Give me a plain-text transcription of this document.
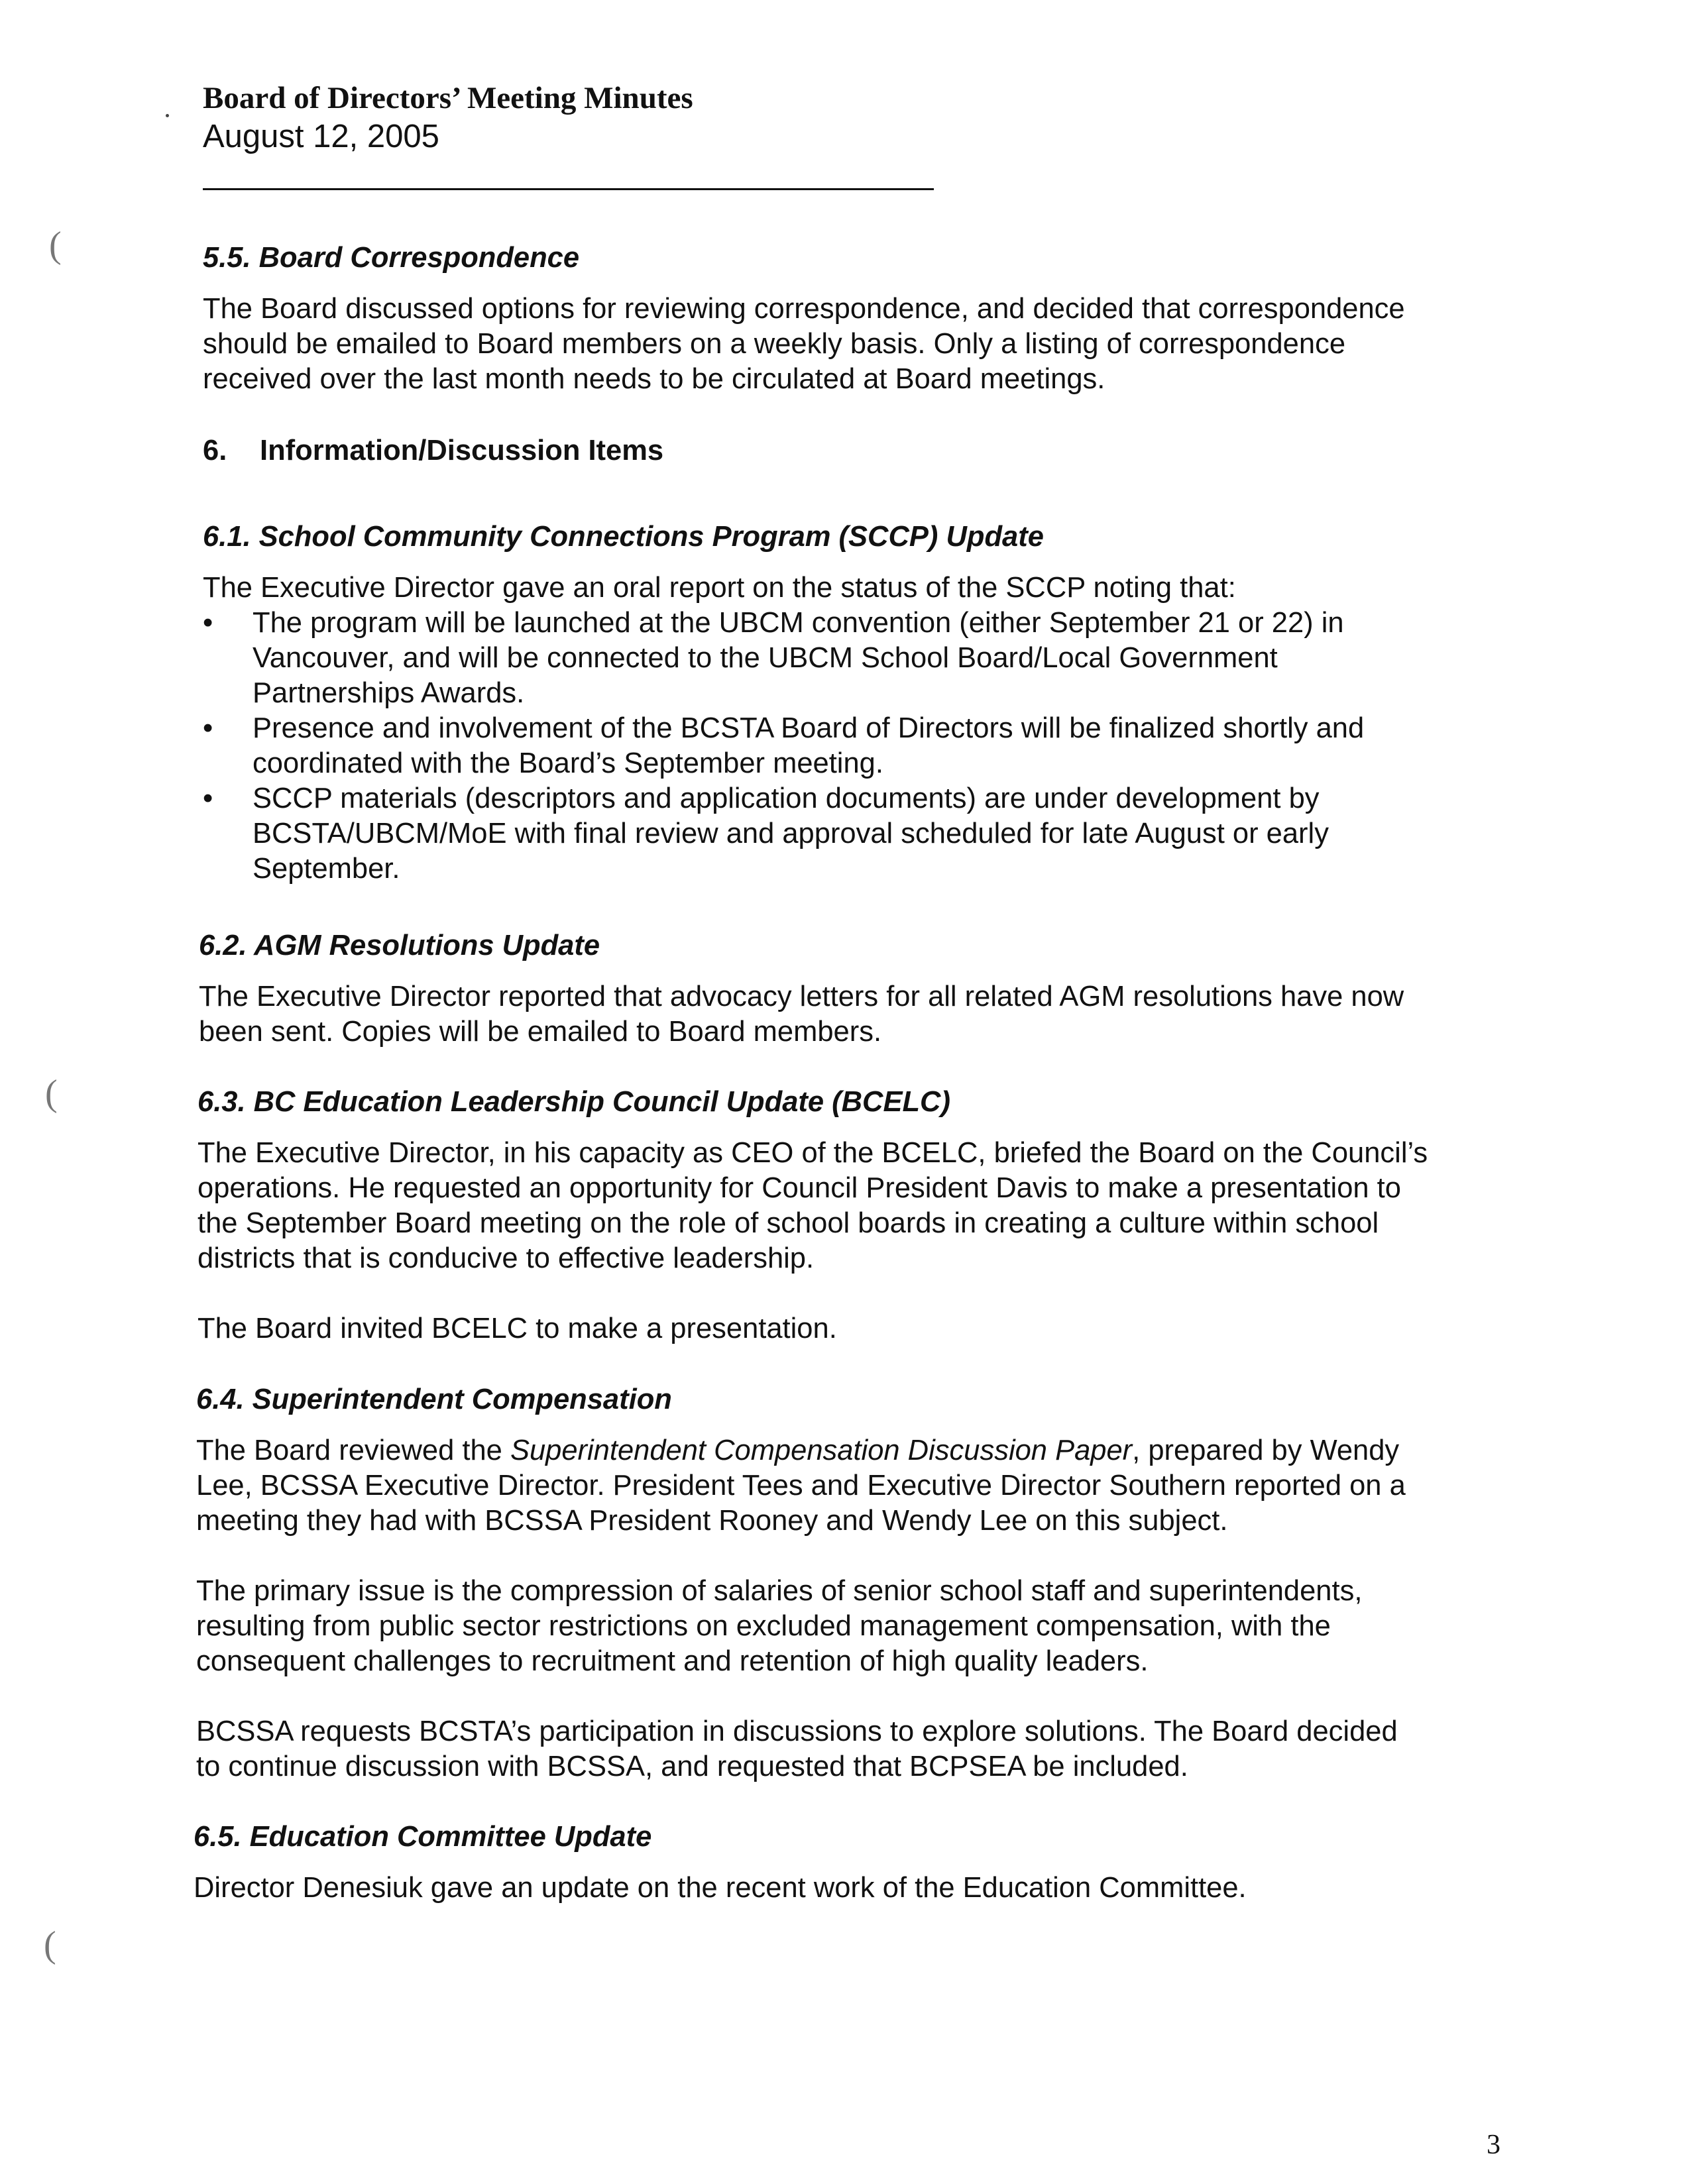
(
(
(
Board of Directors’ Meeting Minutes
August 12, 2005
5.5. Board Correspondence
The Board discussed options for reviewing correspondence, and decided that correspondence
should be emailed to Board members on a weekly basis. Only a listing of correspondence
received over the last month needs to be circulated at Board meetings.
6. Information/Discussion Items
6.1. School Community Connections Program (SCCP) Update
The Executive Director gave an oral report on the status of the SCCP noting that:
• The program will be launched at the UBCM convention (either September 21 or 22) in
Vancouver, and will be connected to the UBCM School Board/Local Government
Partnerships Awards.
• Presence and involvement of the BCSTA Board of Directors will be finalized shortly and
coordinated with the Board’s September meeting.
• SCCP materials (descriptors and application documents) are under development by
BCSTA/UBCM/MoE with final review and approval scheduled for late August or early
September.
6.2. AGM Resolutions Update
The Executive Director reported that advocacy letters for all related AGM resolutions have now
been sent. Copies will be emailed to Board members.
6.3. BC Education Leadership Council Update (BCELC)
The Executive Director, in his capacity as CEO of the BCELC, briefed the Board on the Council’s
operations. He requested an opportunity for Council President Davis to make a presentation to
the September Board meeting on the role of school boards in creating a culture within school
districts that is conducive to effective leadership.
The Board invited BCELC to make a presentation.
6.4. Superintendent Compensation
The Board reviewed the Superintendent Compensation Discussion Paper, prepared by Wendy
Lee, BCSSA Executive Director. President Tees and Executive Director Southern reported on a
meeting they had with BCSSA President Rooney and Wendy Lee on this subject.
The primary issue is the compression of salaries of senior school staff and superintendents,
resulting from public sector restrictions on excluded management compensation, with the
consequent challenges to recruitment and retention of high quality leaders.
BCSSA requests BCSTA’s participation in discussions to explore solutions. The Board decided
to continue discussion with BCSSA, and requested that BCPSEA be included.
6.5. Education Committee Update
Director Denesiuk gave an update on the recent work of the Education Committee.
3
